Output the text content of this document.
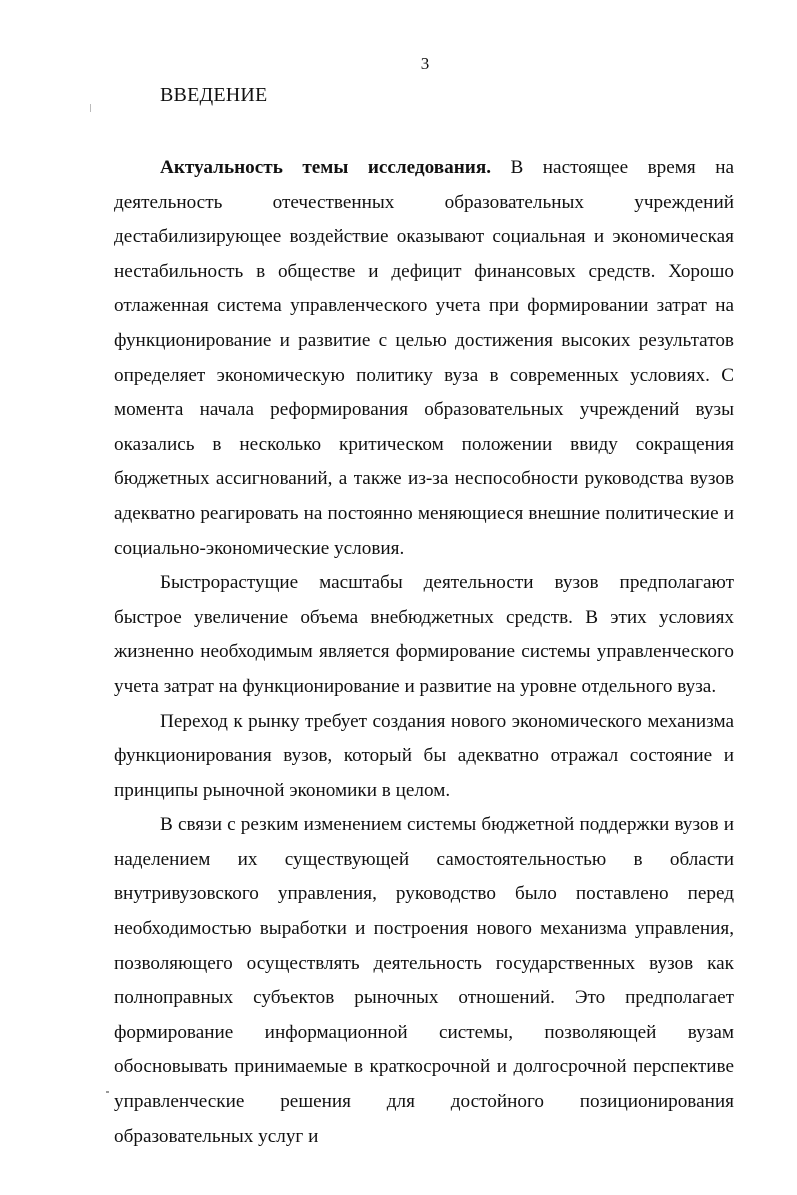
3
ВВЕДЕНИЕ

Актуальность темы исследования. В настоящее время на деятельность отечественных образовательных учреждений дестабилизирующее воздействие оказывают социальная и экономическая нестабильность в обществе и дефицит финансовых средств. Хорошо отлаженная система управленческого учета при формировании затрат на функционирование и развитие с целью достижения высоких результатов определяет экономическую политику вуза в современных условиях. С момента начала реформирования образовательных учреждений вузы оказались в несколько критическом положении ввиду сокращения бюджетных ассигнований, а также из-за неспособности руководства вузов адекватно реагировать на постоянно меняющиеся внешние политические и социально-экономические условия.

Быстрорастущие масштабы деятельности вузов предполагают быстрое увеличение объема внебюджетных средств. В этих условиях жизненно необходимым является формирование системы управленческого учета затрат на функционирование и развитие на уровне отдельного вуза.

Переход к рынку требует создания нового экономического механизма функционирования вузов, который бы адекватно отражал состояние и принципы рыночной экономики в целом.

В связи с резким изменением системы бюджетной поддержки вузов и наделением их существующей самостоятельностью в области внутривузовского управления, руководство было поставлено перед необходимостью выработки и построения нового механизма управления, позволяющего осуществлять деятельность государственных вузов как полноправных субъектов рыночных отношений. Это предполагает формирование информационной системы, позволяющей вузам обосновывать принимаемые в краткосрочной и долгосрочной перспективе управленческие решения для достойного позиционирования образовательных услуг и
